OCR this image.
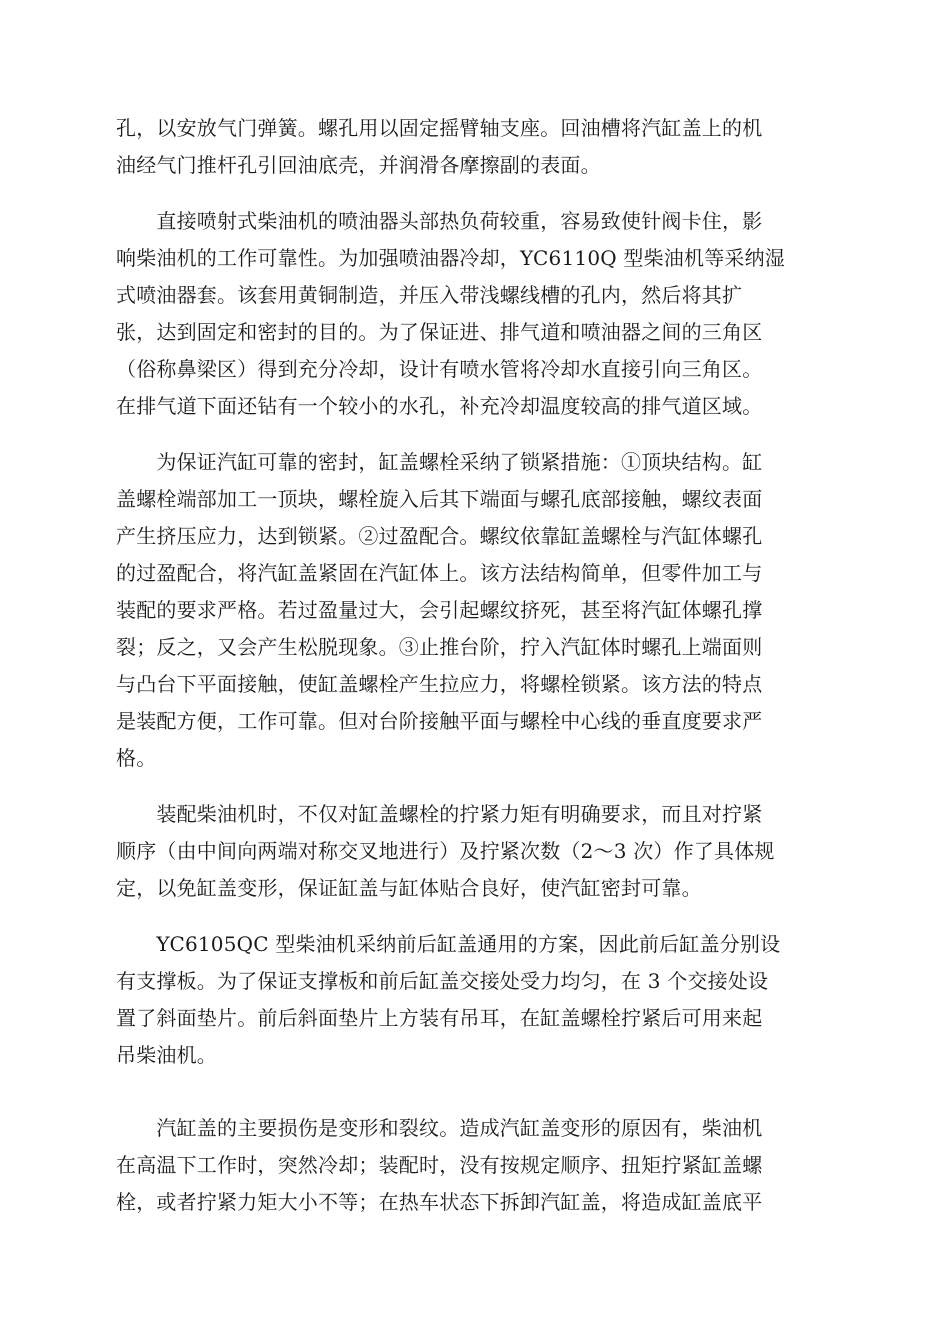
孔，以安放气门弹簧。螺孔用以固定摇臂轴支座。回油槽将汽缸盖上的机
油经气门推杆孔引回油底壳，并润滑各摩擦副的表面。
　　直接喷射式柴油机的喷油器头部热负荷较重，容易致使针阀卡住，影
响柴油机的工作可靠性。为加强喷油器冷却，YC6110Q 型柴油机等采纳湿
式喷油器套。该套用黄铜制造，并压入带浅螺线槽的孔内，然后将其扩
张，达到固定和密封的目的。为了保证进、排气道和喷油器之间的三角区
（俗称鼻梁区）得到充分冷却，设计有喷水管将冷却水直接引向三角区。
在排气道下面还钻有一个较小的水孔，补充冷却温度较高的排气道区域。
　　为保证汽缸可靠的密封，缸盖螺栓采纳了锁紧措施：①顶块结构。缸
盖螺栓端部加工一顶块，螺栓旋入后其下端面与螺孔底部接触，螺纹表面
产生挤压应力，达到锁紧。②过盈配合。螺纹依靠缸盖螺栓与汽缸体螺孔
的过盈配合，将汽缸盖紧固在汽缸体上。该方法结构简单，但零件加工与
装配的要求严格。若过盈量过大，会引起螺纹挤死，甚至将汽缸体螺孔撑
裂；反之，又会产生松脱现象。③止推台阶，拧入汽缸体时螺孔上端面则
与凸台下平面接触，使缸盖螺栓产生拉应力，将螺栓锁紧。该方法的特点
是装配方便，工作可靠。但对台阶接触平面与螺栓中心线的垂直度要求严
格。
　　装配柴油机时，不仅对缸盖螺栓的拧紧力矩有明确要求，而且对拧紧
顺序（由中间向两端对称交叉地进行）及拧紧次数（2～3 次）作了具体规
定，以免缸盖变形，保证缸盖与缸体贴合良好，使汽缸密封可靠。
　　YC6105QC 型柴油机采纳前后缸盖通用的方案，因此前后缸盖分别设
有支撑板。为了保证支撑板和前后缸盖交接处受力均匀，在 3 个交接处设
置了斜面垫片。前后斜面垫片上方装有吊耳，在缸盖螺栓拧紧后可用来起
吊柴油机。
　　汽缸盖的主要损伤是变形和裂纹。造成汽缸盖变形的原因有，柴油机
在高温下工作时，突然冷却；装配时，没有按规定顺序、扭矩拧紧缸盖螺
栓，或者拧紧力矩大小不等；在热车状态下拆卸汽缸盖，将造成缸盖底平
